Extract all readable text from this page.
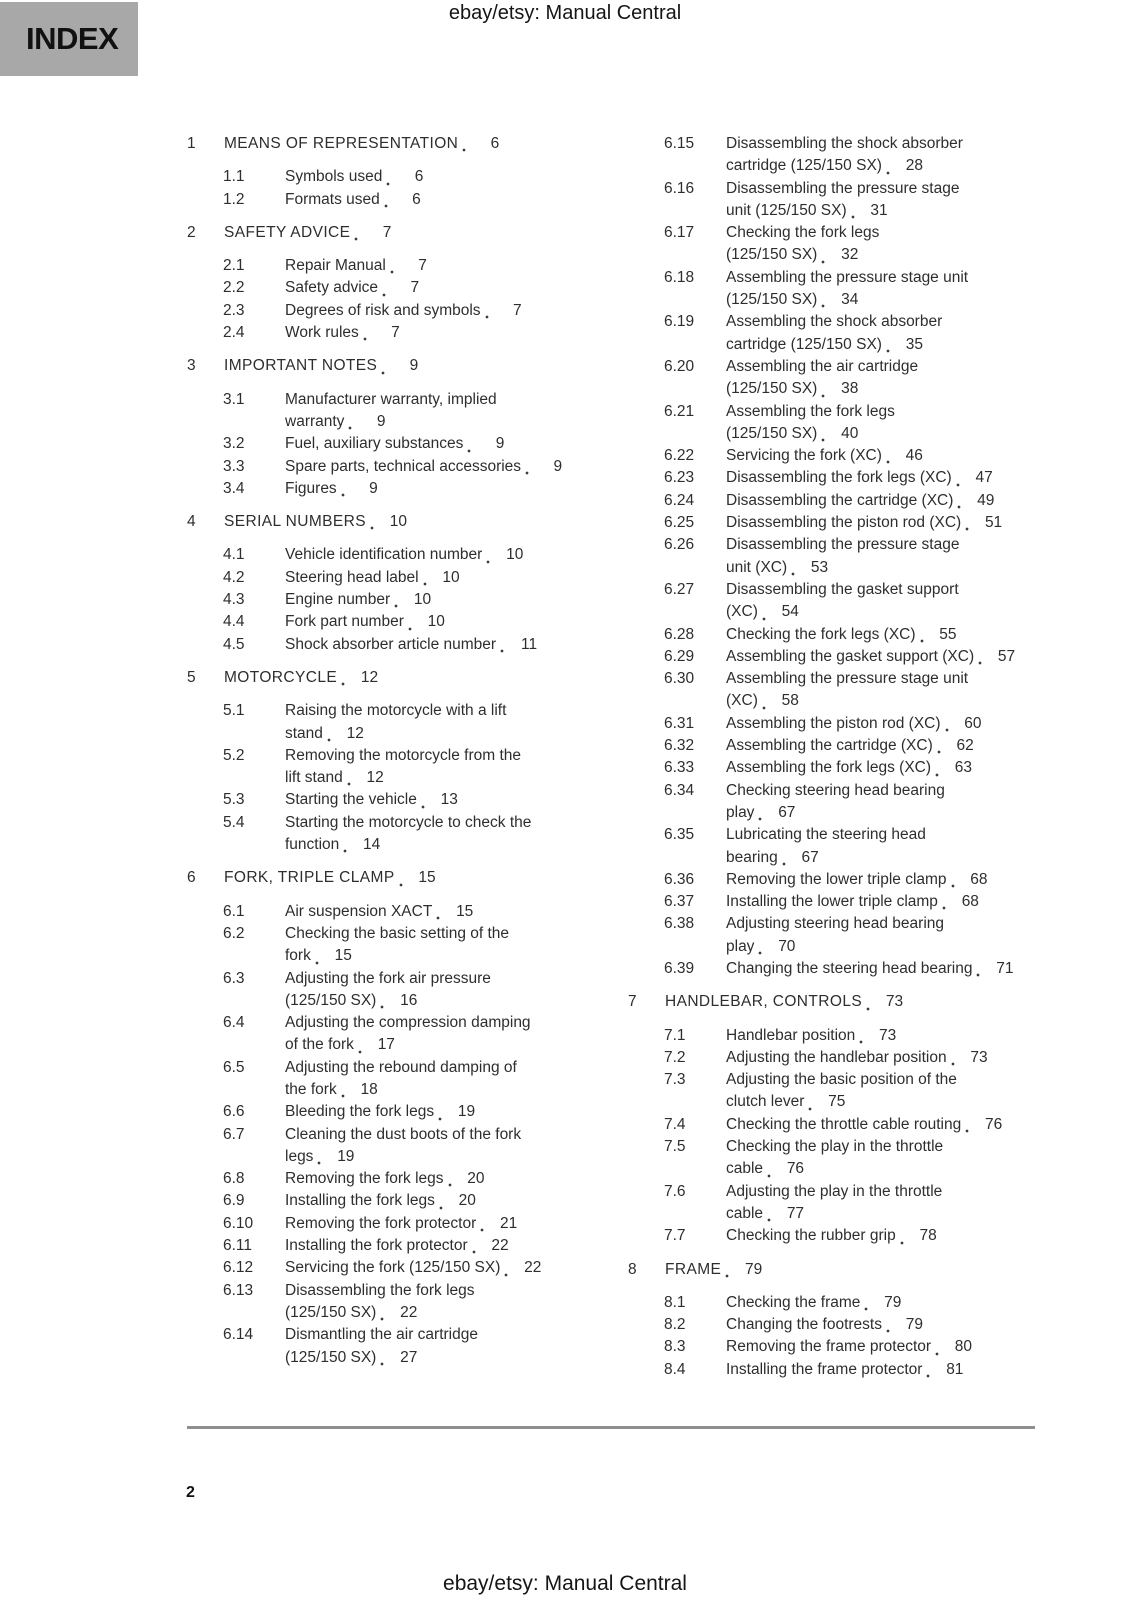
ebay/etsy: Manual Central
INDEX
1	MEANS OF REPRESENTATION	6
1.1	Symbols used	6
1.2	Formats used	6
2	SAFETY ADVICE	7
2.1	Repair Manual	7
2.2	Safety advice	7
2.3	Degrees of risk and symbols	7
2.4	Work rules	7
3	IMPORTANT NOTES	9
3.1	Manufacturer warranty, implied
warranty	9
3.2	Fuel, auxiliary substances	9
3.3	Spare parts, technical accessories	9
3.4	Figures	9
4	SERIAL NUMBERS	10
4.1	Vehicle identification number	10
4.2	Steering head label	10
4.3	Engine number	10
4.4	Fork part number	10
4.5	Shock absorber article number	11
5	MOTORCYCLE	12
5.1	Raising the motorcycle with a lift
stand	12
5.2	Removing the motorcycle from the
lift stand	12
5.3	Starting the vehicle	13
5.4	Starting the motorcycle to check the
function	14
6	FORK, TRIPLE CLAMP	15
6.1	Air suspension XACT	15
6.2	Checking the basic setting of the
fork	15
6.3	Adjusting the fork air pressure
(125/150 SX)	16
6.4	Adjusting the compression damping
of the fork	17
6.5	Adjusting the rebound damping of
the fork	18
6.6	Bleeding the fork legs	19
6.7	Cleaning the dust boots of the fork
legs	19
6.8	Removing the fork legs	20
6.9	Installing the fork legs	20
6.10	Removing the fork protector	21
6.11	Installing the fork protector	22
6.12	Servicing the fork (125/150 SX)	22
6.13	Disassembling the fork legs
(125/150 SX)	22
6.14	Dismantling the air cartridge
(125/150 SX)	27
6.15	Disassembling the shock absorber
cartridge (125/150 SX)	28
6.16	Disassembling the pressure stage
unit (125/150 SX)	31
6.17	Checking the fork legs
(125/150 SX)	32
6.18	Assembling the pressure stage unit
(125/150 SX)	34
6.19	Assembling the shock absorber
cartridge (125/150 SX)	35
6.20	Assembling the air cartridge
(125/150 SX)	38
6.21	Assembling the fork legs
(125/150 SX)	40
6.22	Servicing the fork (XC)	46
6.23	Disassembling the fork legs (XC)	47
6.24	Disassembling the cartridge (XC)	49
6.25	Disassembling the piston rod (XC)	51
6.26	Disassembling the pressure stage
unit (XC)	53
6.27	Disassembling the gasket support
(XC)	54
6.28	Checking the fork legs (XC)	55
6.29	Assembling the gasket support (XC)	57
6.30	Assembling the pressure stage unit
(XC)	58
6.31	Assembling the piston rod (XC)	60
6.32	Assembling the cartridge (XC)	62
6.33	Assembling the fork legs (XC)	63
6.34	Checking steering head bearing
play	67
6.35	Lubricating the steering head
bearing	67
6.36	Removing the lower triple clamp	68
6.37	Installing the lower triple clamp	68
6.38	Adjusting steering head bearing
play	70
6.39	Changing the steering head bearing	71
7	HANDLEBAR, CONTROLS	73
7.1	Handlebar position	73
7.2	Adjusting the handlebar position	73
7.3	Adjusting the basic position of the
clutch lever	75
7.4	Checking the throttle cable routing	76
7.5	Checking the play in the throttle
cable	76
7.6	Adjusting the play in the throttle
cable	77
7.7	Checking the rubber grip	78
8	FRAME	79
8.1	Checking the frame	79
8.2	Changing the footrests	79
8.3	Removing the frame protector	80
8.4	Installing the frame protector	81
2
ebay/etsy: Manual Central
